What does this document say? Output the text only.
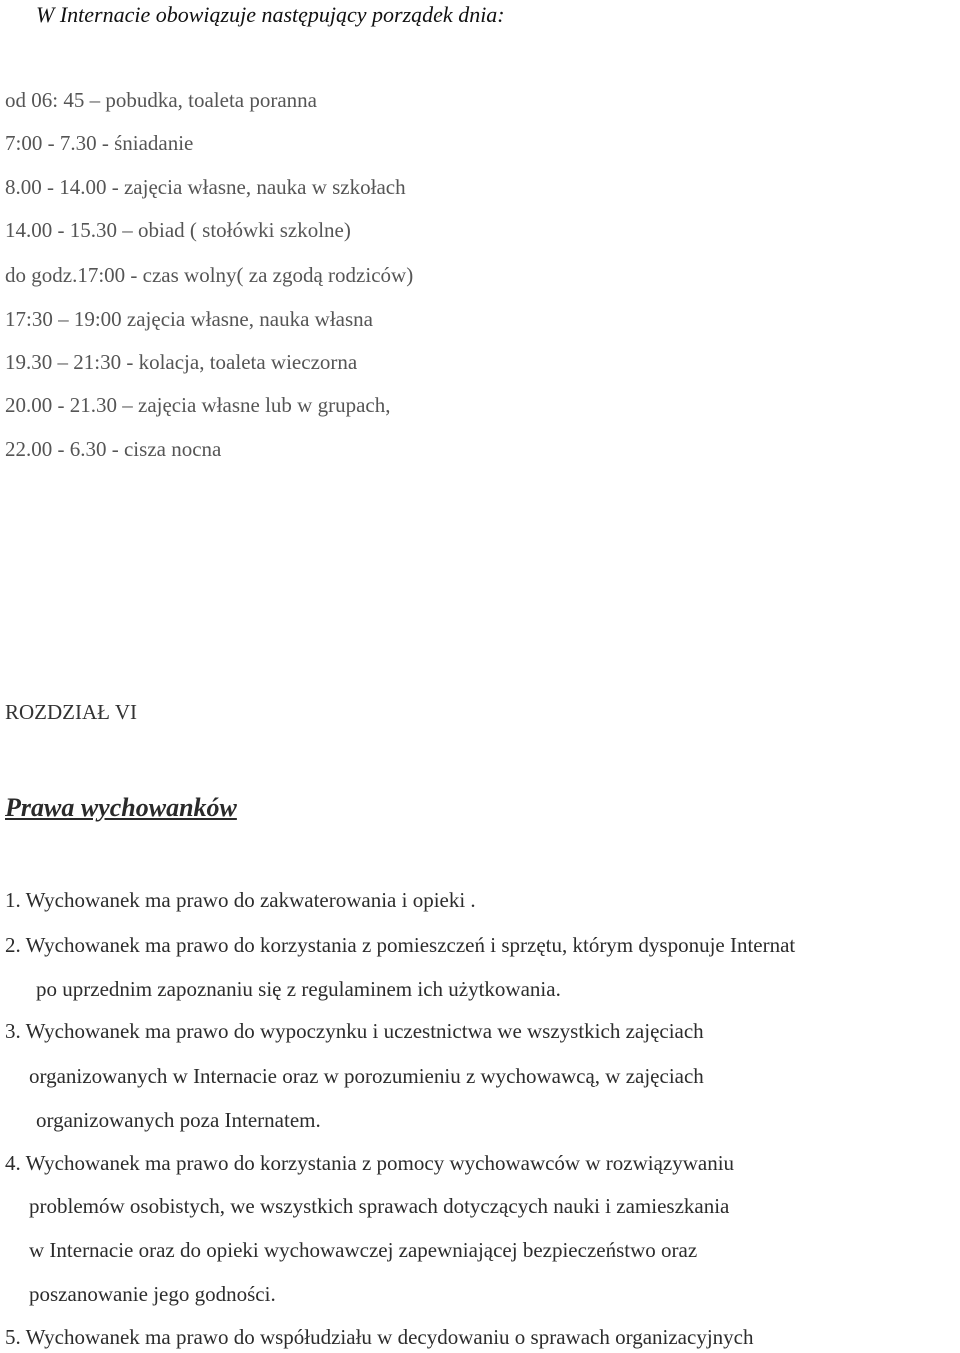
W Internacie obowiązuje następujący porządek dnia:
od 06: 45 – pobudka, toaleta poranna
7:00 - 7.30 - śniadanie
8.00 - 14.00 - zajęcia własne, nauka w szkołach
14.00 - 15.30 – obiad ( stołówki szkolne)
do godz.17:00 - czas wolny( za zgodą rodziców)
17:30 – 19:00 zajęcia własne, nauka własna
19.30 – 21:30 - kolacja, toaleta wieczorna
20.00 - 21.30 – zajęcia własne lub w grupach,
22.00 - 6.30 - cisza nocna
ROZDZIAŁ VI
Prawa wychowanków
1. Wychowanek ma prawo do zakwaterowania i opieki .
2. Wychowanek ma prawo do korzystania z pomieszczeń i sprzętu, którym dysponuje Internat
po uprzednim zapoznaniu się z regulaminem ich użytkowania.
3. Wychowanek ma prawo do wypoczynku i uczestnictwa we wszystkich zajęciach
organizowanych w Internacie oraz w porozumieniu z wychowawcą, w zajęciach
organizowanych poza Internatem.
4. Wychowanek ma prawo do korzystania z pomocy wychowawców w rozwiązywaniu
problemów osobistych, we wszystkich sprawach dotyczących nauki i zamieszkania
w Internacie oraz do opieki wychowawczej zapewniającej bezpieczeństwo oraz
poszanowanie jego godności.
5. Wychowanek ma prawo do współudziału w decydowaniu o sprawach organizacyjnych
